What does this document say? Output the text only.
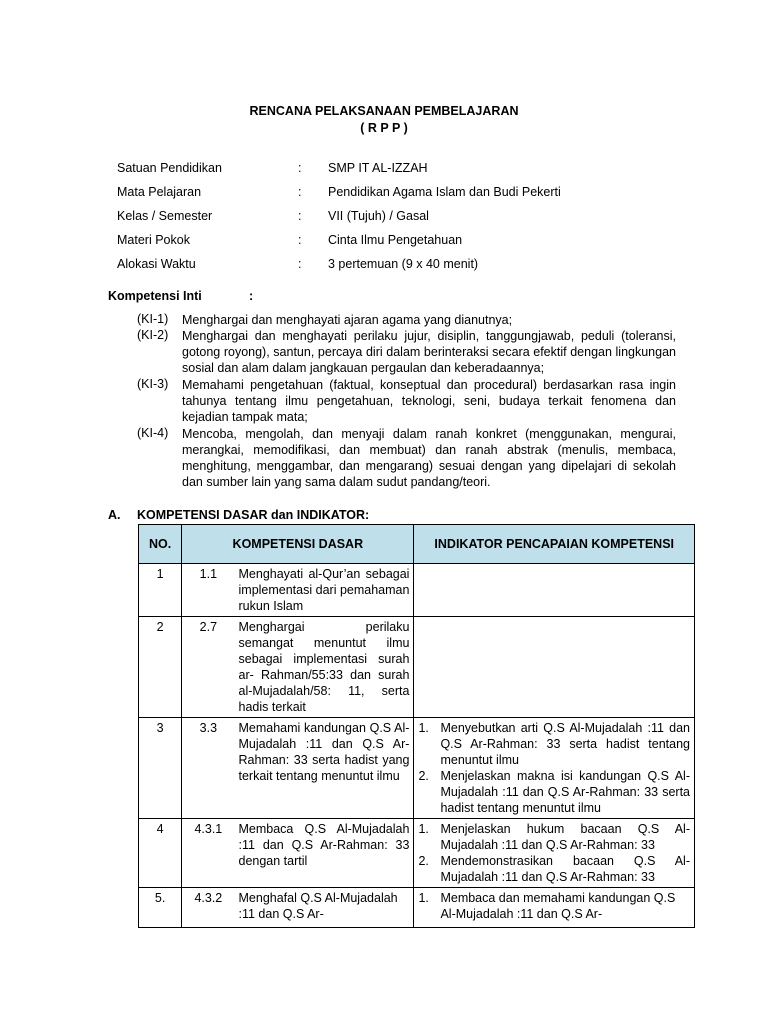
RENCANA PELAKSANAAN PEMBELAJARAN
( R P P )
Satuan Pendidikan	: SMP IT AL-IZZAH
Mata Pelajaran	: Pendidikan Agama Islam dan Budi Pekerti
Kelas / Semester	: VII (Tujuh) / Gasal
Materi Pokok	: Cinta Ilmu Pengetahuan
Alokasi Waktu	: 3 pertemuan (9 x 40 menit)
Kompetensi Inti	:
(KI-1) Menghargai dan menghayati ajaran agama yang dianutnya;
(KI-2) Menghargai dan menghayati perilaku jujur, disiplin, tanggungjawab, peduli (toleransi, gotong royong), santun, percaya diri dalam berinteraksi secara efektif dengan lingkungan sosial dan alam dalam jangkauan pergaulan dan keberadaannya;
(KI-3) Memahami pengetahuan (faktual, konseptual dan procedural) berdasarkan rasa ingin tahunya tentang ilmu pengetahuan, teknologi, seni, budaya terkait fenomena dan kejadian tampak mata;
(KI-4) Mencoba, mengolah, dan menyaji dalam ranah konkret (menggunakan, mengurai, merangkai, memodifikasi, dan membuat) dan ranah abstrak (menulis, membaca, menghitung, menggambar, dan mengarang) sesuai dengan yang dipelajari di sekolah dan sumber lain yang sama dalam sudut pandang/teori.
A. KOMPETENSI DASAR dan INDIKATOR:
NO.	KOMPETENSI DASAR		INDIKATOR PENCAPAIAN KOMPETENSI
1	1.1	Menghayati al-Qur’an sebagai implementasi dari pemahaman rukun Islam	
2	2.7	Menghargai perilaku semangat menuntut ilmu sebagai implementasi surah ar- Rahman/55:33 dan surah al-Mujadalah/58: 11, serta hadis terkait	
3	3.3	Memahami kandungan Q.S Al-Mujadalah :11 dan Q.S Ar-Rahman: 33 serta hadist yang terkait tentang menuntut ilmu	1. Menyebutkan arti Q.S Al-Mujadalah :11 dan Q.S Ar-Rahman: 33 serta hadist tentang menuntut ilmu
2. Menjelaskan makna isi kandungan Q.S Al-Mujadalah :11 dan Q.S Ar-Rahman: 33 serta hadist tentang menuntut ilmu

4	4.3.1	Membaca Q.S Al-Mujadalah :11 dan Q.S Ar-Rahman: 33 dengan tartil	1. Menjelaskan hukum bacaan Q.S Al-Mujadalah :11 dan Q.S Ar-Rahman: 33
2. Mendemonstrasikan bacaan Q.S Al-Mujadalah :11 dan Q.S Ar-Rahman: 33

5.	4.3.2	Menghafal Q.S Al-Mujadalah :11 dan Q.S Ar-	1. Membaca dan memahami kandungan Q.S Al-Mujadalah :11 dan Q.S Ar-
